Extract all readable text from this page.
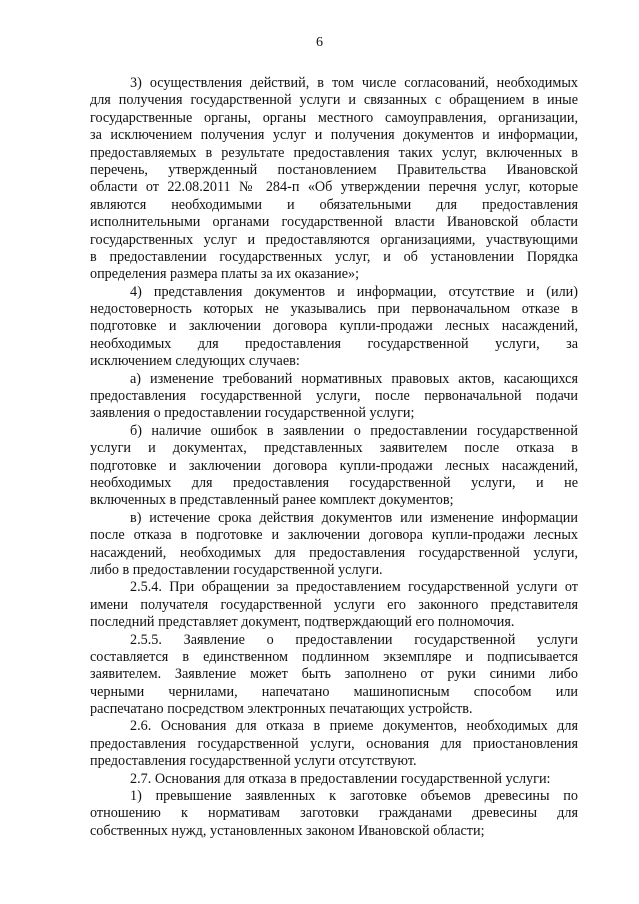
6
3) осуществления действий, в том числе согласований, необходимых
для получения государственной услуги и связанных с обращением в иные
государственные органы, органы местного самоуправления, организации,
за исключением получения услуг и получения документов и информации,
предоставляемых в результате предоставления таких услуг, включенных в
перечень, утвержденный постановлением Правительства Ивановской
области от 22.08.2011 № 284-п «Об утверждении перечня услуг, которые
являются необходимыми и обязательными для предоставления
исполнительными органами государственной власти Ивановской области
государственных услуг и предоставляются организациями, участвующими
в предоставлении государственных услуг, и об установлении Порядка
определения размера платы за их оказание»;
4) представления документов и информации, отсутствие и (или)
недостоверность которых не указывались при первоначальном отказе в
подготовке и заключении договора купли-продажи лесных насаждений,
необходимых для предоставления государственной услуги, за
исключением следующих случаев:
а) изменение требований нормативных правовых актов, касающихся
предоставления государственной услуги, после первоначальной подачи
заявления о предоставлении государственной услуги;
б) наличие ошибок в заявлении о предоставлении государственной
услуги и документах, представленных заявителем после отказа в
подготовке и заключении договора купли-продажи лесных насаждений,
необходимых для предоставления государственной услуги, и не
включенных в представленный ранее комплект документов;
в) истечение срока действия документов или изменение информации
после отказа в подготовке и заключении договора купли-продажи лесных
насаждений, необходимых для предоставления государственной услуги,
либо в предоставлении государственной услуги.
2.5.4. При обращении за предоставлением государственной услуги от
имени получателя государственной услуги его законного представителя
последний представляет документ, подтверждающий его полномочия.
2.5.5. Заявление о предоставлении государственной услуги
составляется в единственном подлинном экземпляре и подписывается
заявителем. Заявление может быть заполнено от руки синими либо
черными чернилами, напечатано машинописным способом или
распечатано посредством электронных печатающих устройств.
2.6. Основания для отказа в приеме документов, необходимых для
предоставления государственной услуги, основания для приостановления
предоставления государственной услуги отсутствуют.
2.7. Основания для отказа в предоставлении государственной услуги:
1) превышение заявленных к заготовке объемов древесины по
отношению к нормативам заготовки гражданами древесины для
собственных нужд, установленных законом Ивановской области;
